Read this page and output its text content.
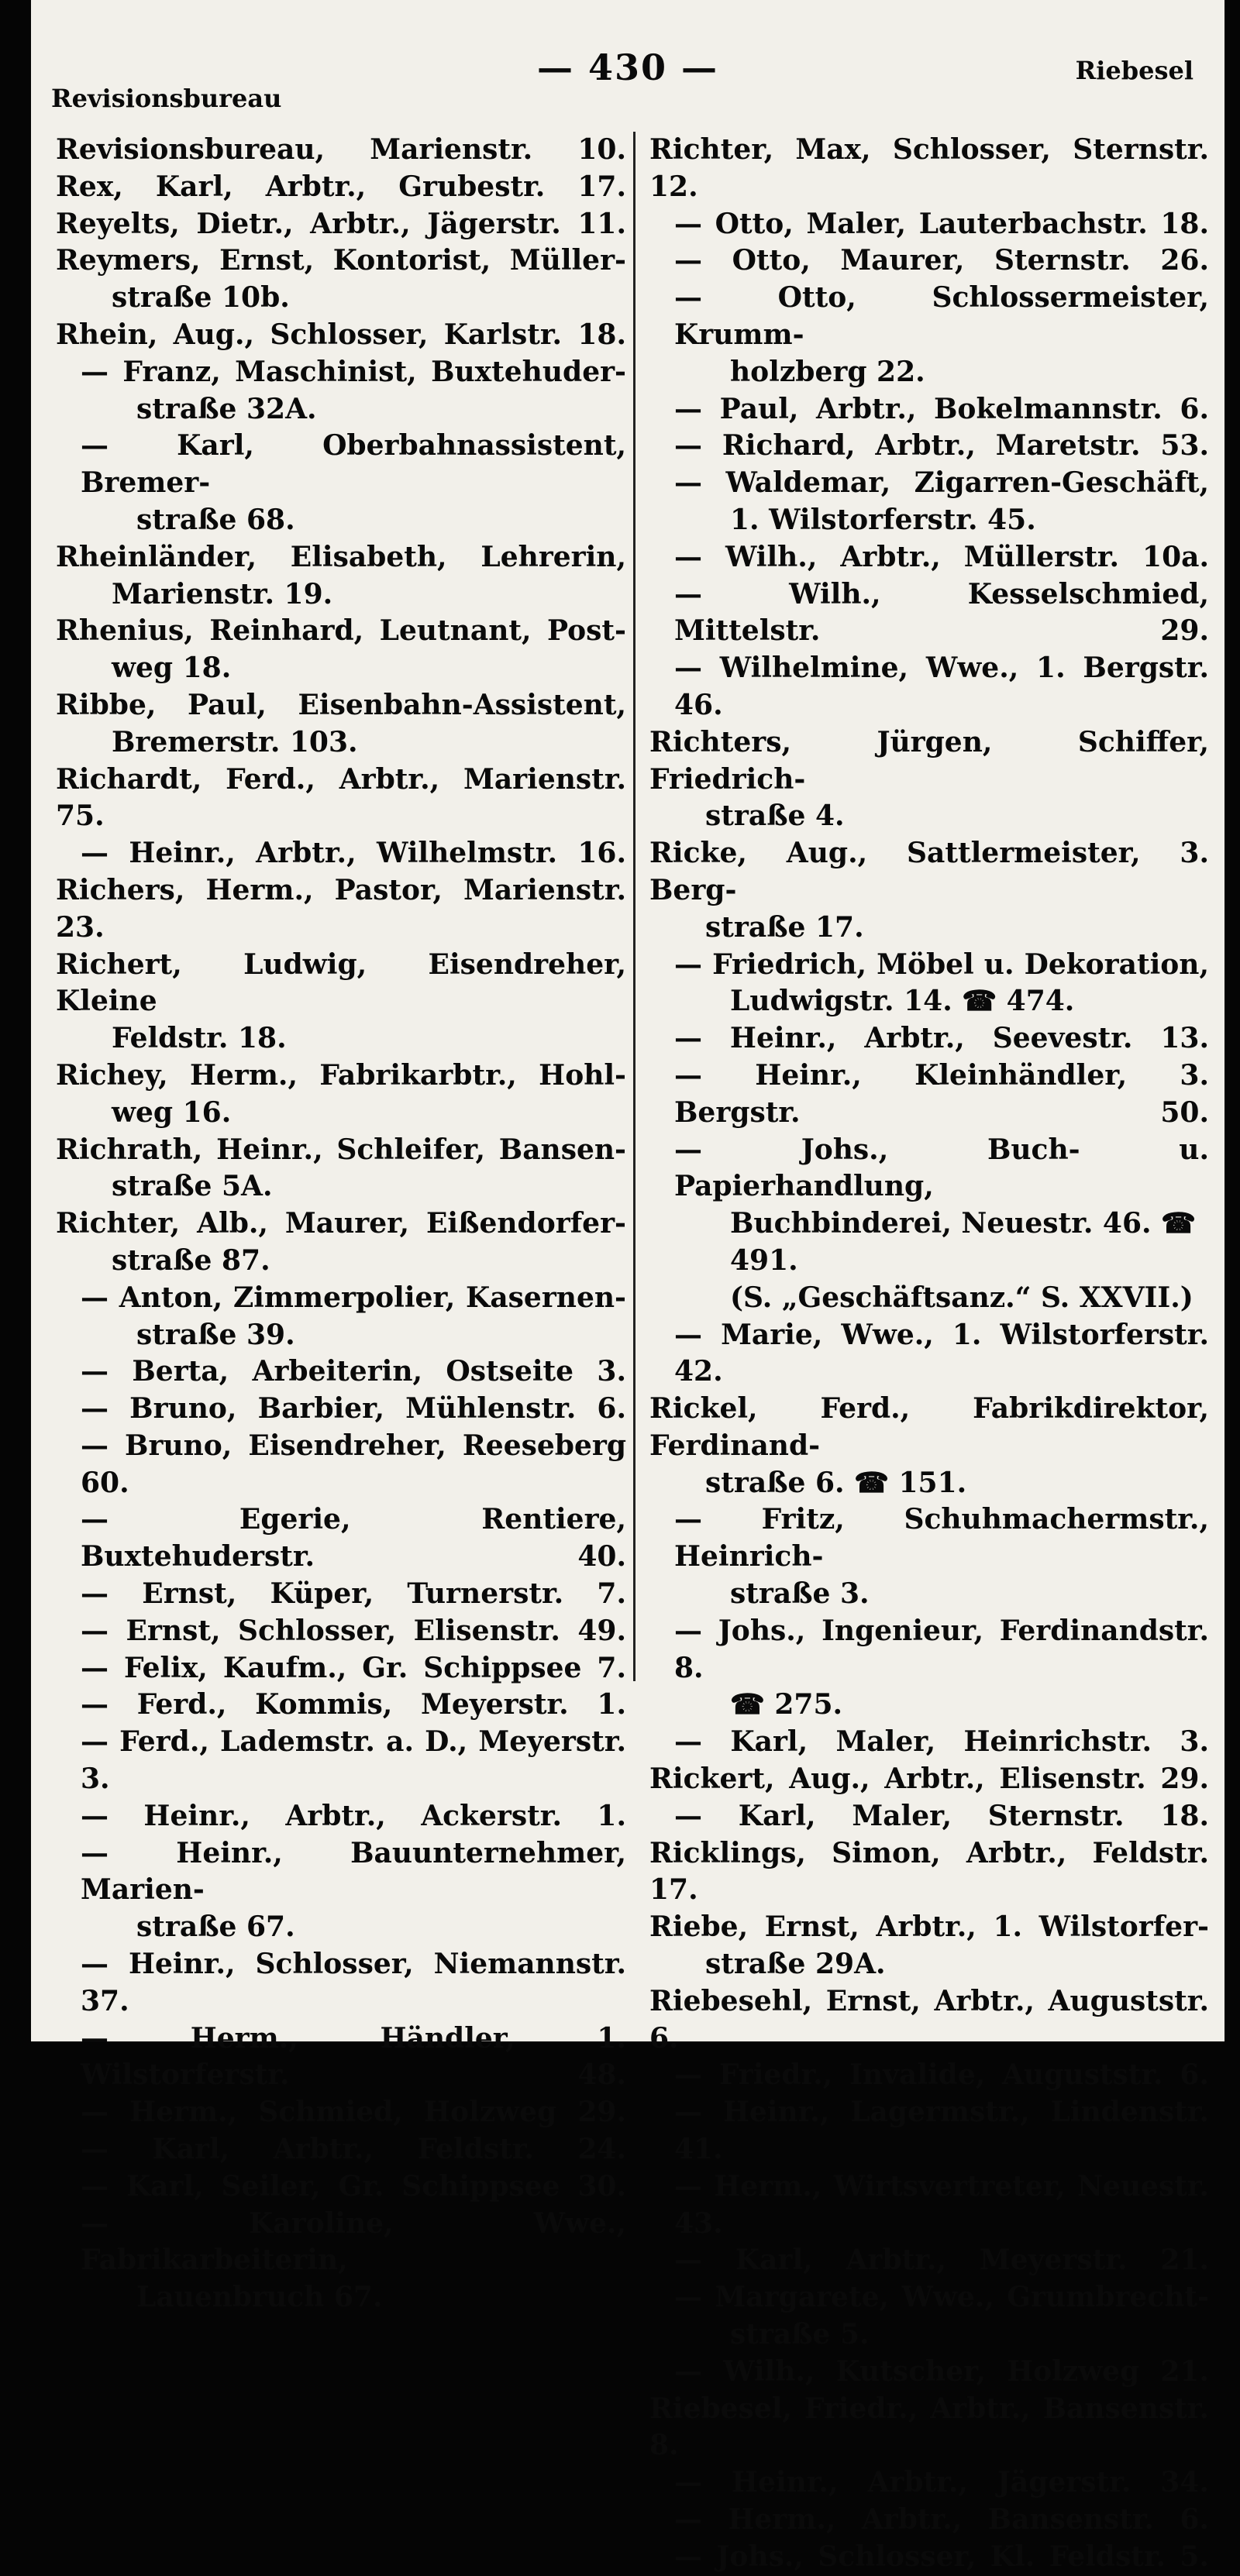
— 430 —
Revisionsbureau
Riebesel
Revisionsbureau, Marienstr. 10.
Rex, Karl, Arbtr., Grubestr. 17.
Reyelts, Dietr., Arbtr., Jägerstr. 11.
Reymers, Ernst, Kontorist, Müller-
straße 10b.
Rhein, Aug., Schlosser, Karlstr. 18.
— Franz, Maschinist, Buxtehuder-
straße 32A.
— Karl, Oberbahnassistent, Bremer-
straße 68.
Rheinländer, Elisabeth, Lehrerin,
Marienstr. 19.
Rhenius, Reinhard, Leutnant, Post-
weg 18.
Ribbe, Paul, Eisenbahn-Assistent,
Bremerstr. 103.
Richardt, Ferd., Arbtr., Marienstr. 75.
— Heinr., Arbtr., Wilhelmstr. 16.
Richers, Herm., Pastor, Marienstr. 23.
Richert, Ludwig, Eisendreher, Kleine
Feldstr. 18.
Richey, Herm., Fabrikarbtr., Hohl-
weg 16.
Richrath, Heinr., Schleifer, Bansen-
straße 5A.
Richter, Alb., Maurer, Eißendorfer-
straße 87.
— Anton, Zimmerpolier, Kasernen-
straße 39.
— Berta, Arbeiterin, Ostseite 3.
— Bruno, Barbier, Mühlenstr. 6.
— Bruno, Eisendreher, Reeseberg 60.
— Egerie, Rentiere, Buxtehuderstr. 40.
— Ernst, Küper, Turnerstr. 7.
— Ernst, Schlosser, Elisenstr. 49.
— Felix, Kaufm., Gr. Schippsee 7.
— Ferd., Kommis, Meyerstr. 1.
— Ferd., Lademstr. a. D., Meyerstr. 3.
— Heinr., Arbtr., Ackerstr. 1.
— Heinr., Bauunternehmer, Marien-
straße 67.
— Heinr., Schlosser, Niemannstr. 37.
— Herm., Händler, 1. Wilstorferstr. 48.
— Herm., Schmied, Holzweg 29.
— Karl, Arbtr., Feldstr. 24.
— Karl, Seiler, Gr. Schippsee 30.
— Karoline, Wwe., Fabrikarbeiterin,
Lauenbruch 67.
Richter, Max, Schlosser, Sternstr. 12.
— Otto, Maler, Lauterbachstr. 18.
— Otto, Maurer, Sternstr. 26.
— Otto, Schlossermeister, Krumm-
holzberg 22.
— Paul, Arbtr., Bokelmannstr. 6.
— Richard, Arbtr., Maretstr. 53.
— Waldemar, Zigarren-Geschäft,
1. Wilstorferstr. 45.
— Wilh., Arbtr., Müllerstr. 10a.
— Wilh., Kesselschmied, Mittelstr. 29.
— Wilhelmine, Wwe., 1. Bergstr. 46.
Richters, Jürgen, Schiffer, Friedrich-
straße 4.
Ricke, Aug., Sattlermeister, 3. Berg-
straße 17.
— Friedrich, Möbel u. Dekoration,
Ludwigstr. 14. ☎ 474.
— Heinr., Arbtr., Seevestr. 13.
— Heinr., Kleinhändler, 3. Bergstr. 50.
— Johs., Buch- u. Papierhandlung,
Buchbinderei, Neuestr. 46. ☎ 491.
(S. „Geschäftsanz.“ S. XXVII.)
— Marie, Wwe., 1. Wilstorferstr. 42.
Rickel, Ferd., Fabrikdirektor, Ferdinand-
straße 6. ☎ 151.
— Fritz, Schuhmachermstr., Heinrich-
straße 3.
— Johs., Ingenieur, Ferdinandstr. 8.
☎ 275.
— Karl, Maler, Heinrichstr. 3.
Rickert, Aug., Arbtr., Elisenstr. 29.
— Karl, Maler, Sternstr. 18.
Ricklings, Simon, Arbtr., Feldstr. 17.
Riebe, Ernst, Arbtr., 1. Wilstorfer-
straße 29A.
Riebesehl, Ernst, Arbtr., Auguststr. 6.
— Friedr., Invalide, Auguststr. 6.
— Heinr., Lagermstr., Lindenstr. 41.
— Herm., Wirtsvertreter, Neuestr. 43.
— Karl, Arbtr., Meyerstr. 21.
— Margarete, Wwe., Grumbrecht-
straße 5.
— Wilh., Kutscher, Holzweg 21.
Riebesel, Friedr., Arbtr., Bansenstr. 8.
— Heinr., Arbtr., Jägerstr. 34.
— Herm., Arbtr., Bansenstr. 6.
— Johs., Schlosser, Kl. Feldstr. 5.
